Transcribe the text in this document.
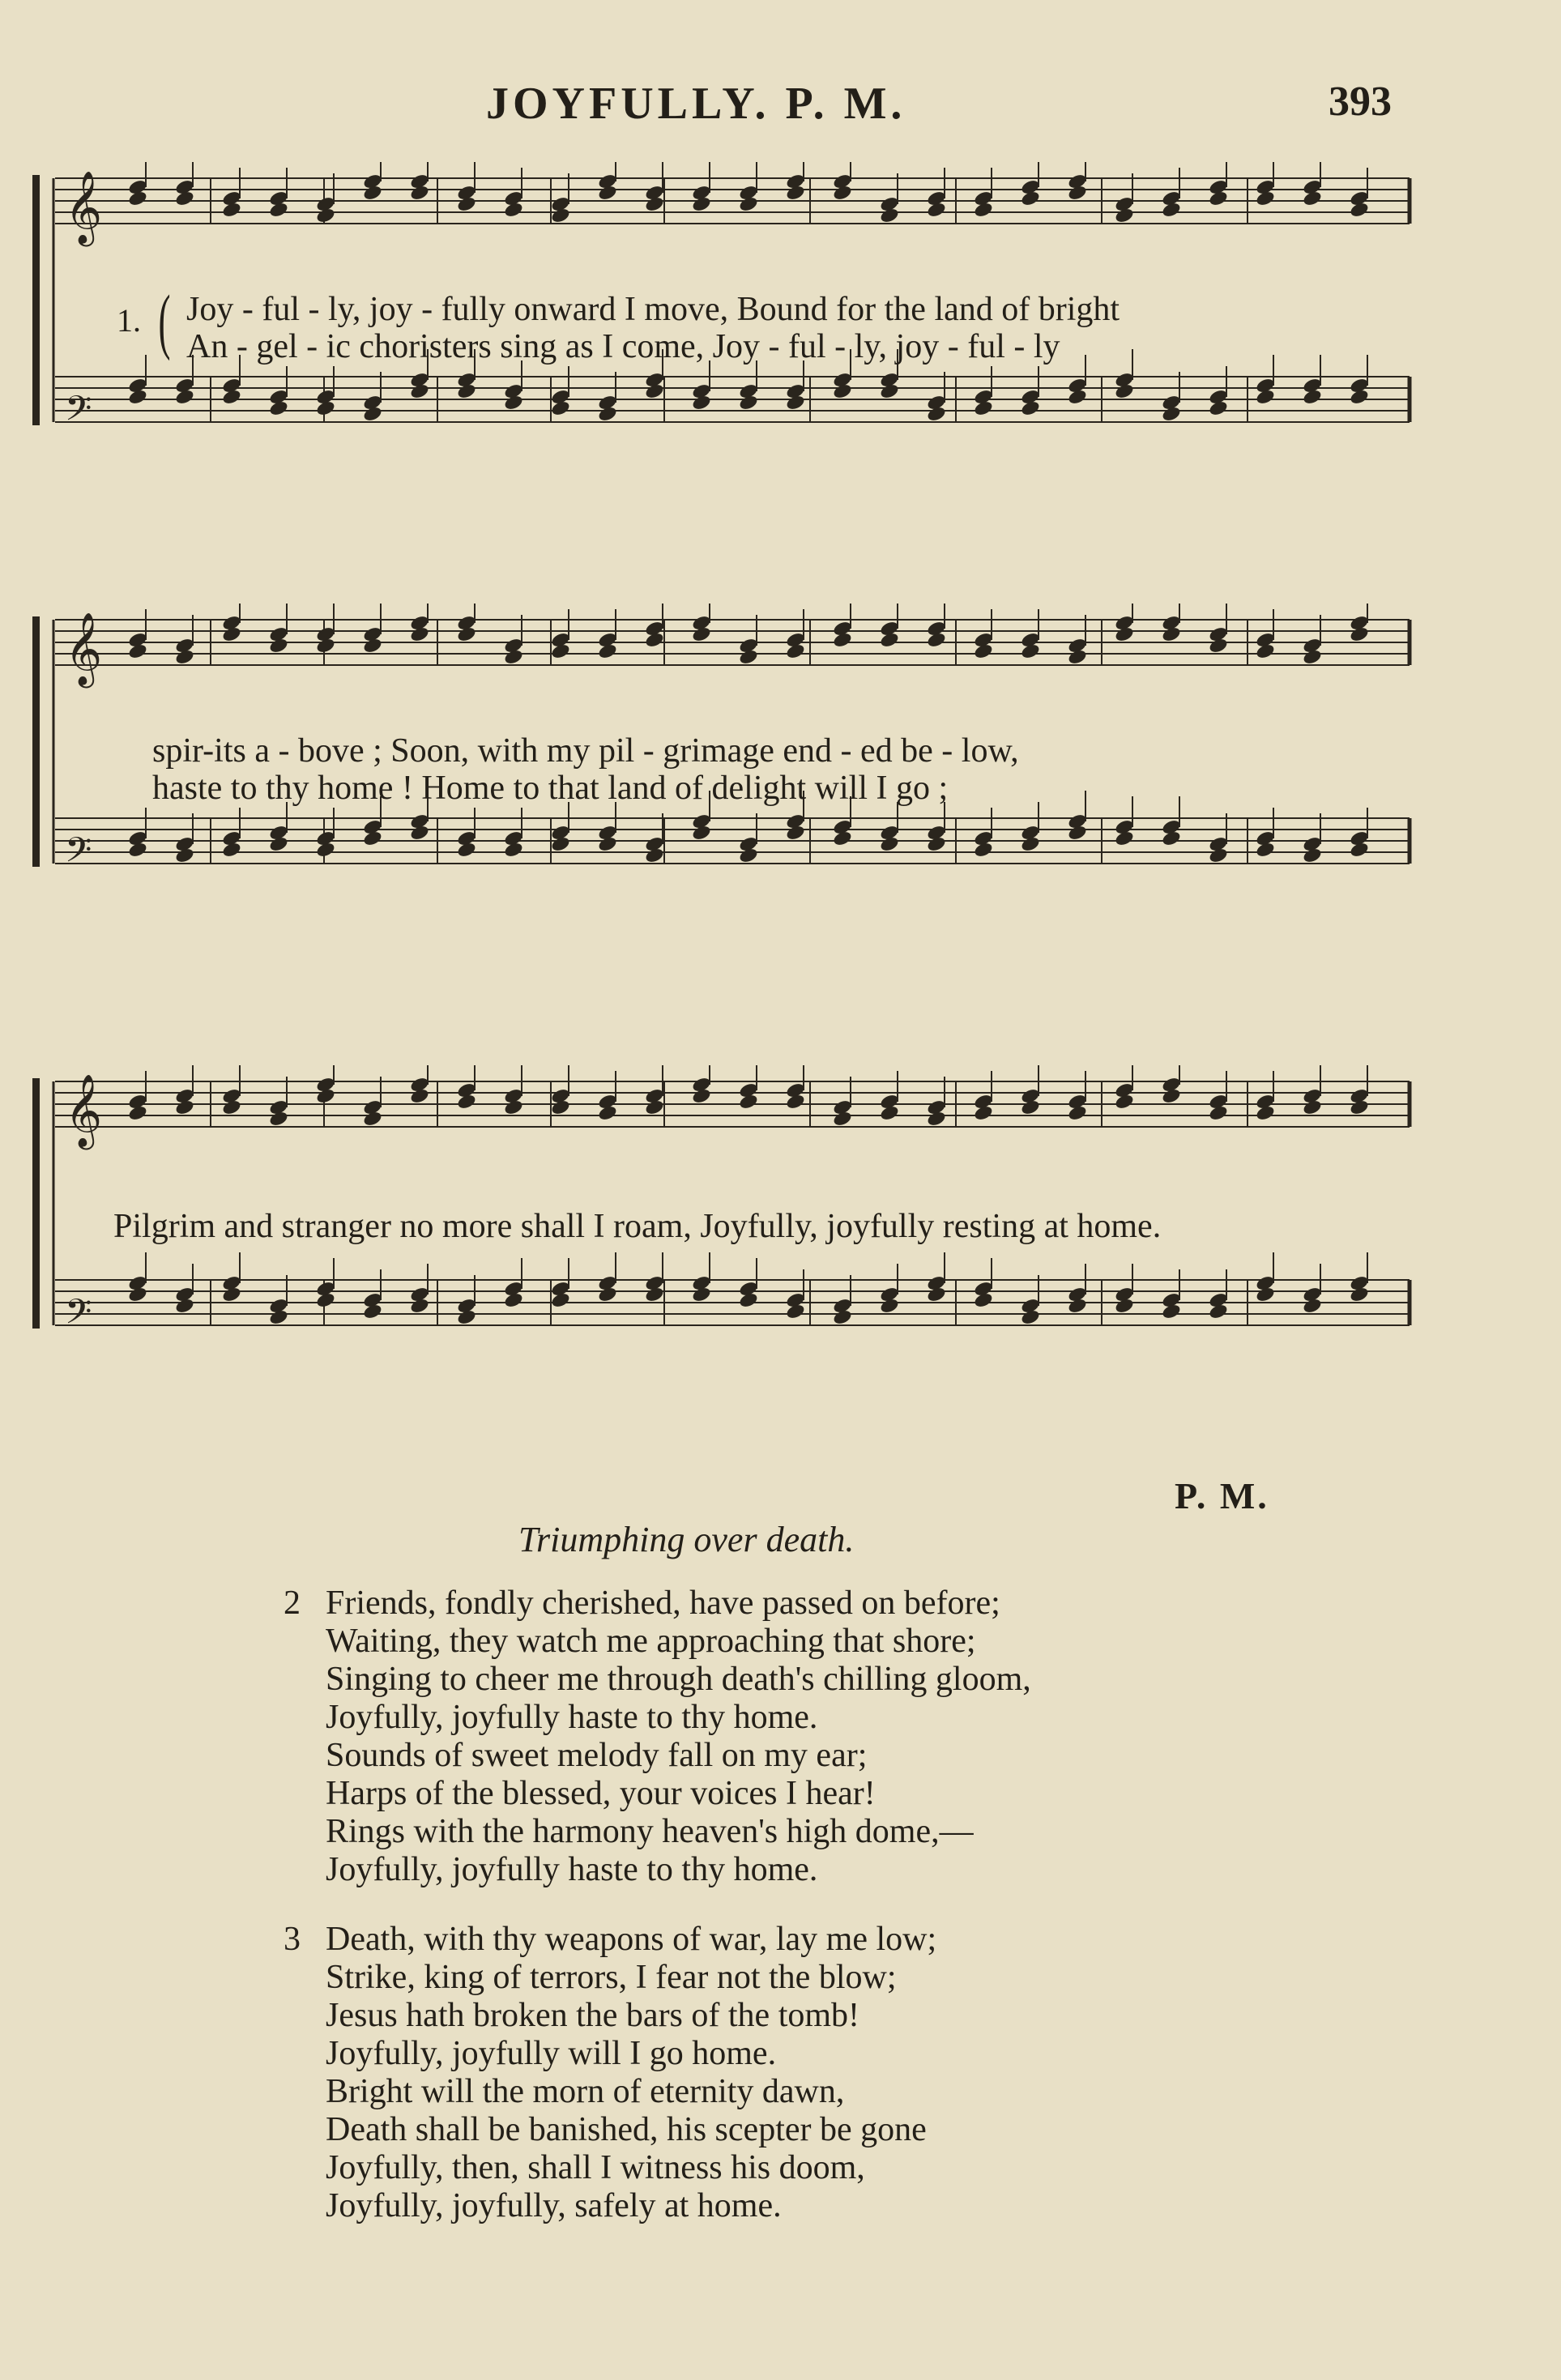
JOYFULLY. P. M.	393
𝄞
𝄢
1. ( Joy - ful - ly, joy - fully onward I move, Bound for the land of bright
An - gel - ic choristers sing as I come, Joy - ful - ly, joy - ful - ly
𝄞
𝄢
spir-its a - bove ; Soon, with my pil - grimage end - ed be - low,
haste to thy home ! Home to that land of delight will I go ;
𝄞
𝄢
Pilgrim and stranger no more shall I roam, Joyfully, joyfully resting at home.
P. M.
Triumphing over death.
2 Friends, fondly cherished, have passed on before;
Waiting, they watch me approaching that shore;
Singing to cheer me through death's chilling gloom,
Joyfully, joyfully haste to thy home.
Sounds of sweet melody fall on my ear;
Harps of the blessed, your voices I hear!
Rings with the harmony heaven's high dome,—
Joyfully, joyfully haste to thy home.
3 Death, with thy weapons of war, lay me low;
Strike, king of terrors, I fear not the blow;
Jesus hath broken the bars of the tomb!
Joyfully, joyfully will I go home.
Bright will the morn of eternity dawn,
Death shall be banished, his scepter be gone
Joyfully, then, shall I witness his doom,
Joyfully, joyfully, safely at home.
